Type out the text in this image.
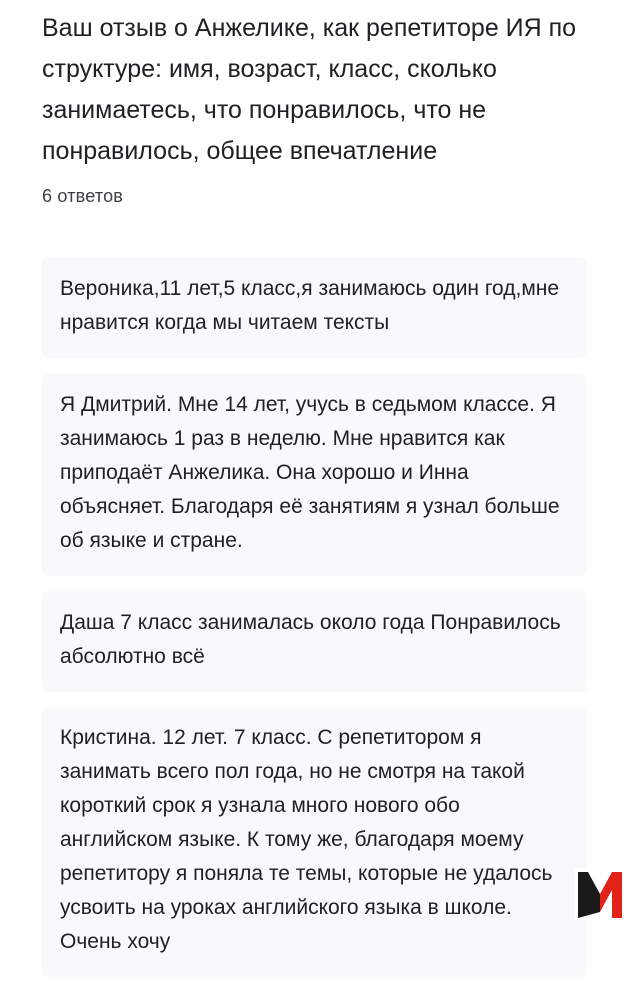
Ваш отзыв о Анжелике, как репетиторе ИЯ по структуре: имя, возраст, класс, сколько занимаетесь, что понравилось, что не понравилось, общее впечатление
6 ответов
Вероника,11 лет,5 класс,я занимаюсь один год,мне нравится когда мы читаем тексты
Я Дмитрий. Мне 14 лет, учусь в седьмом классе. Я занимаюсь 1 раз в неделю. Мне нравится как приподаёт Анжелика. Она хорошо и Инна объясняет. Благодаря её занятиям я узнал больше об языке и стране.
Даша 7 класс занималась около года Понравилось абсолютно всё
Кристина. 12 лет. 7 класс. С репетитором я занимать всего пол года, но не смотря на такой короткий срок я узнала много нового обо английском языке. К тому же, благодаря моему репетитору я поняла те темы, которые не удалось усвоить на уроках английского языка в школе. Очень хочу
